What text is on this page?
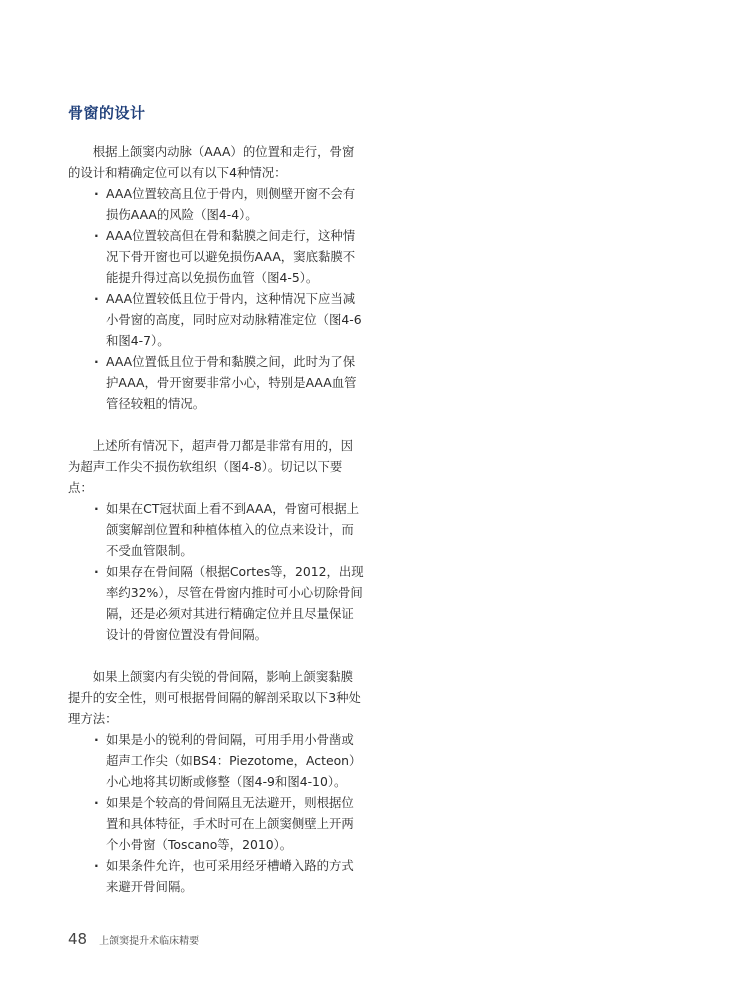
骨窗的设计

根据上颌窦内动脉（AAA）的位置和走行，骨窗的设计和精确定位可以有以下4种情况：

· AAA位置较高且位于骨内，则侧壁开窗不会有损伤AAA的风险（图4-4）。
· AAA位置较高但在骨和黏膜之间走行，这种情况下骨开窗也可以避免损伤AAA，窦底黏膜不能提升得过高以免损伤血管（图4-5）。
· AAA位置较低且位于骨内，这种情况下应当减小骨窗的高度，同时应对动脉精准定位（图4-6和图4-7）。
· AAA位置低且位于骨和黏膜之间，此时为了保护AAA，骨开窗要非常小心，特别是AAA血管管径较粗的情况。

上述所有情况下，超声骨刀都是非常有用的，因为超声工作尖不损伤软组织（图4-8）。切记以下要点：

· 如果在CT冠状面上看不到AAA，骨窗可根据上颌窦解剖位置和种植体植入的位点来设计，而不受血管限制。
· 如果存在骨间隔（根据Cortes等，2012，出现率约32%），尽管在骨窗内推时可小心切除骨间隔，还是必须对其进行精确定位并且尽量保证设计的骨窗位置没有骨间隔。

如果上颌窦内有尖锐的骨间隔，影响上颌窦黏膜提升的安全性，则可根据骨间隔的解剖采取以下3种处理方法：

· 如果是小的锐利的骨间隔，可用手用小骨凿或超声工作尖（如BS4：Piezotome，Acteon）小心地将其切断或修整（图4-9和图4-10）。
· 如果是个较高的骨间隔且无法避开，则根据位置和具体特征，手术时可在上颌窦侧壁上开两个小骨窗（Toscano等，2010）。
· 如果条件允许，也可采用经牙槽嵴入路的方式来避开骨间隔。
48 上颌窦提升术临床精要
